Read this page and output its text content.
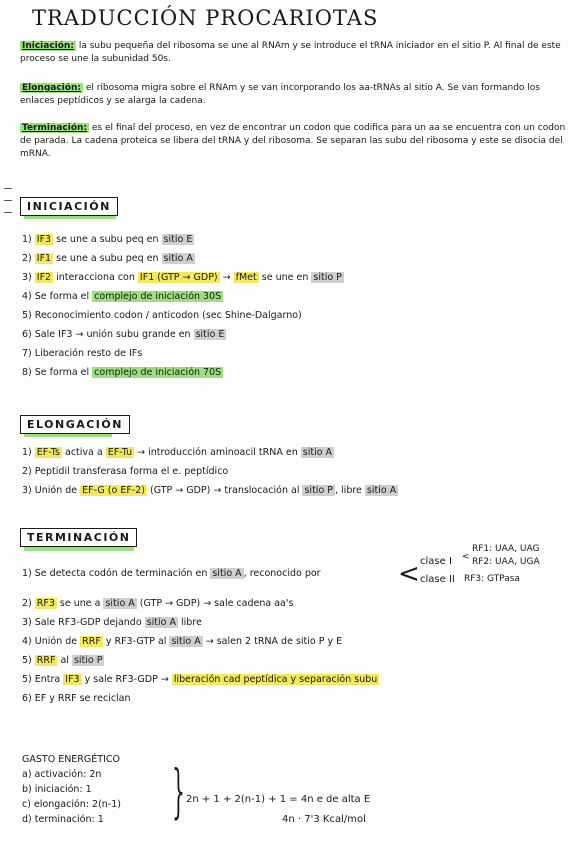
TRADUCCIÓN PROCARIOTAS
Iniciación: la subu pequeña del ribosoma se une al RNAm y se introduce el tRNA iniciador en el sitio P. Al final de este proceso se une la subunidad 50s.
Elongación: el ribosoma migra sobre el RNAm y se van incorporando los aa-tRNAs al sitio A. Se van formando los enlaces peptídicos y se alarga la cadena.
Terminación: es el final del proceso, en vez de encontrar un codon que codifica para un aa se encuentra con un codon de parada. La cadena proteica se libera del tRNA y del ribosoma. Se separan las subu del ribosoma y este se disocia del mRNA.
INICIACIÓN
1) IF3 se une a subu peq en sitio E
2) IF1 se une a subu peq en sitio A
3) IF2 interacciona con IF1 (GTP → GDP) → fMet se une en sitio P
4) Se forma el complejo de iniciación 30S
5) Reconocimiento codon / anticodon (sec Shine-Dalgarno)
6) Sale IF3 → unión subu grande en sitio E
7) Liberación resto de IFs
8) Se forma el complejo de iniciación 70S
ELONGACIÓN
1) EF-Ts activa a EF-Tu → introducción aminoacil tRNA en sitio A
2) Peptidil transferasa forma el e. peptídico
3) Unión de EF-G (o EF-2) (GTP → GDP) → translocación al sitio P , libre sitio A
TERMINACIÓN
1) Se detecta codón de terminación en sitio A , reconocido por	< clase I
clase II
<
RF1: UAA, UAG
RF2: UAA, UGA
RF3: GTPasa
2) RF3 se une a sitio A (GTP → GDP) → sale cadena aa's
3) Sale RF3-GDP dejando sitio A libre
4) Unión de RRF y RF3-GTP al sitio A → salen 2 tRNA de sitio P y E
5) RRF al sitio P
5) Entra IF3 y sale RF3-GDP → liberación cad peptídica y separación subu
6) EF y RRF se reciclan
GASTO ENERGÉTICO
a) activación: 2n
b) iniciación: 1
c) elongación: 2(n-1)
d) terminación: 1 } 2n + 1 + 2(n-1) + 1 = 4n e de alta E
4n · 7'3 Kcal/mol
